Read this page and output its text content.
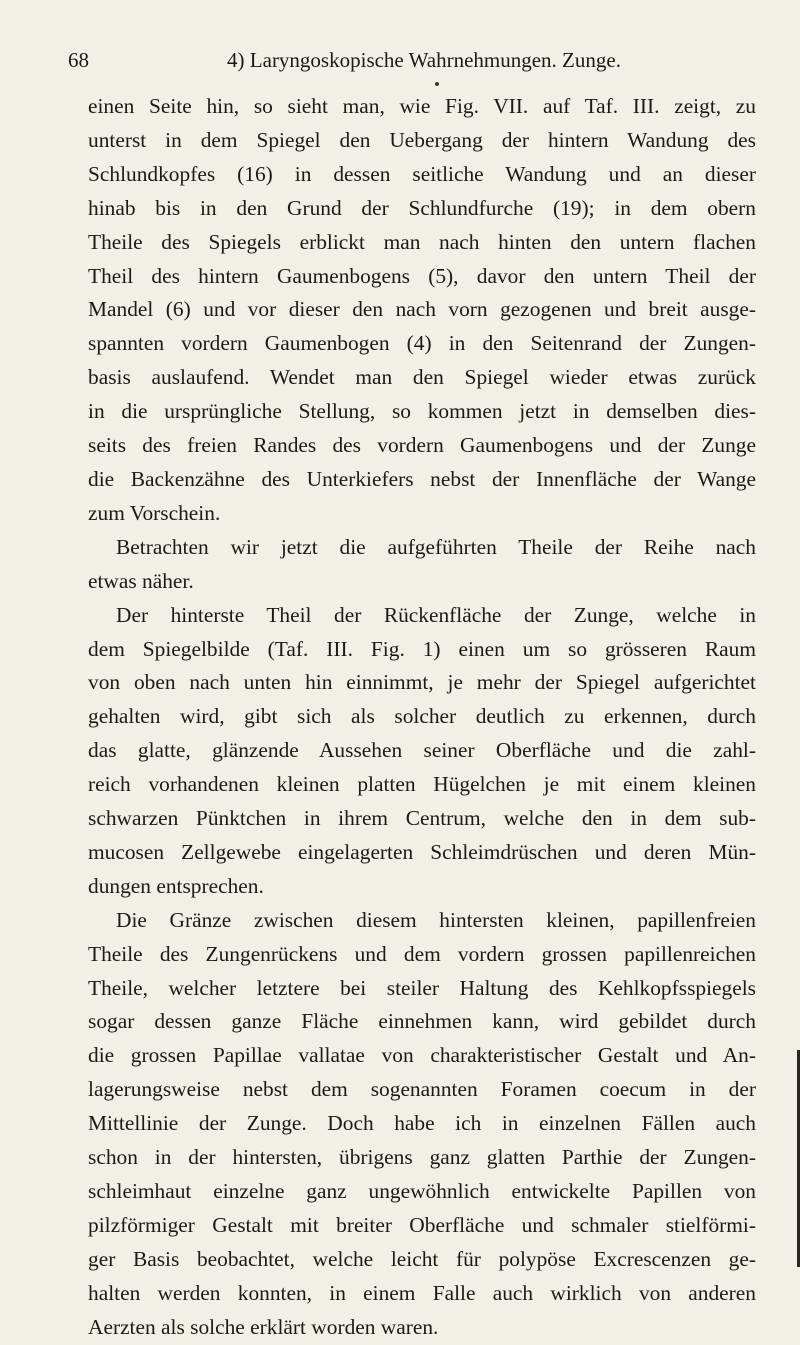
68	4) Laryngoskopische Wahrnehmungen. Zunge.
einen Seite hin, so sieht man, wie Fig. VII. auf Taf. III. zeigt, zu
unterst in dem Spiegel den Uebergang der hintern Wandung des
Schlundkopfes (16) in dessen seitliche Wandung und an dieser
hinab bis in den Grund der Schlundfurche (19); in dem obern
Theile des Spiegels erblickt man nach hinten den untern flachen
Theil des hintern Gaumenbogens (5), davor den untern Theil der
Mandel (6) und vor dieser den nach vorn gezogenen und breit ausge-
spannten vordern Gaumenbogen (4) in den Seitenrand der Zungen-
basis auslaufend. Wendet man den Spiegel wieder etwas zurück
in die ursprüngliche Stellung, so kommen jetzt in demselben dies-
seits des freien Randes des vordern Gaumenbogens und der Zunge
die Backenzähne des Unterkiefers nebst der Innenfläche der Wange
zum Vorschein.
Betrachten wir jetzt die aufgeführten Theile der Reihe nach
etwas näher.
Der hinterste Theil der Rückenfläche der Zunge, welche in
dem Spiegelbilde (Taf. III. Fig. 1) einen um so grösseren Raum
von oben nach unten hin einnimmt, je mehr der Spiegel aufgerichtet
gehalten wird, gibt sich als solcher deutlich zu erkennen, durch
das glatte, glänzende Aussehen seiner Oberfläche und die zahl-
reich vorhandenen kleinen platten Hügelchen je mit einem kleinen
schwarzen Pünktchen in ihrem Centrum, welche den in dem sub-
mucosen Zellgewebe eingelagerten Schleimdrüschen und deren Mün-
dungen entsprechen.
Die Gränze zwischen diesem hintersten kleinen, papillenfreien
Theile des Zungenrückens und dem vordern grossen papillenreichen
Theile, welcher letztere bei steiler Haltung des Kehlkopfsspiegels
sogar dessen ganze Fläche einnehmen kann, wird gebildet durch
die grossen Papillae vallatae von charakteristischer Gestalt und An-
lagerungsweise nebst dem sogenannten Foramen coecum in der
Mittellinie der Zunge. Doch habe ich in einzelnen Fällen auch
schon in der hintersten, übrigens ganz glatten Parthie der Zungen-
schleimhaut einzelne ganz ungewöhnlich entwickelte Papillen von
pilzförmiger Gestalt mit breiter Oberfläche und schmaler stielförmi-
ger Basis beobachtet, welche leicht für polypöse Excrescenzen ge-
halten werden konnten, in einem Falle auch wirklich von anderen
Aerzten als solche erklärt worden waren.
